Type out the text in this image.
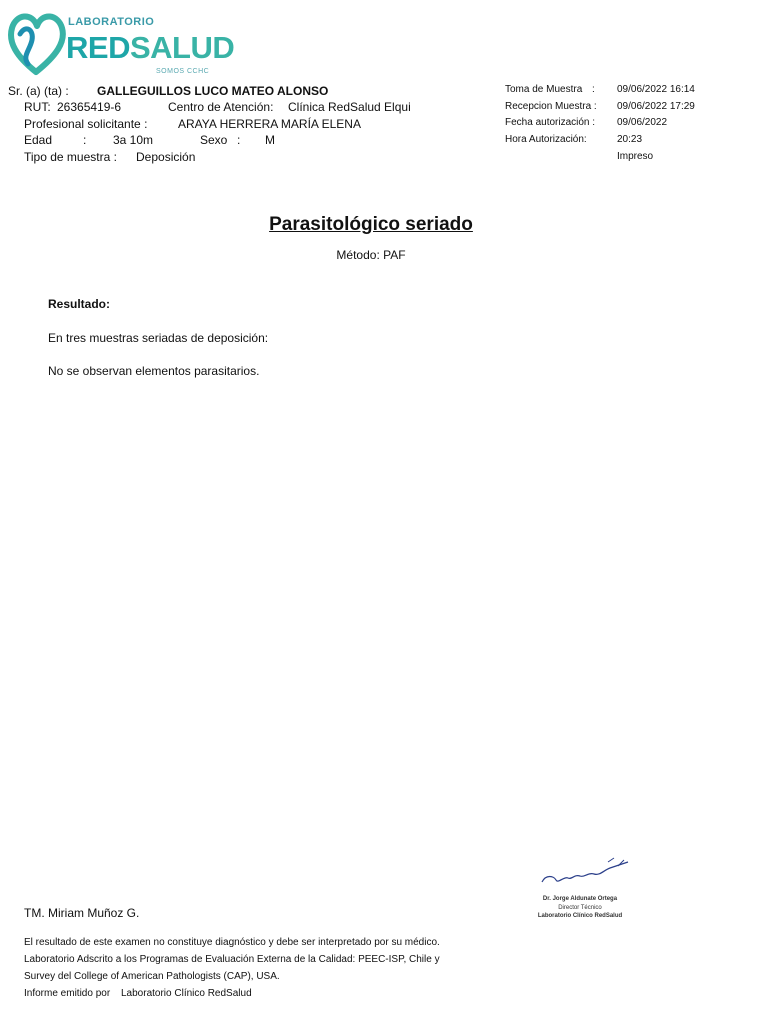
LABORATORIO
REDSALUD
SOMOS CCHC
Sr. (a) (ta) : GALLEGUILLOS LUCO MATEO ALONSO
RUT: 26365419-6	Centro de Atención: Clínica RedSalud Elqui
Profesional solicitante :	ARAYA HERRERA MARÍA ELENA
Edad	: 3a 10m	Sexo : M
Tipo de muestra : Deposición
Toma de Muestra : 09/06/2022 16:14
Recepcion Muestra : 09/06/2022 17:29
Fecha autorización : 09/06/2022
Hora Autorización:	20:23
Impreso
Parasitológico seriado
Método: PAF
Resultado:
En tres muestras seriadas de deposición:
No se observan elementos parasitarios.
Dr. Jorge Aldunate Ortega
Director Técnico
Laboratorio Clínico RedSalud
TM. Miriam Muñoz G.
El resultado de este examen no constituye diagnóstico y debe ser interpretado por su médico.
Laboratorio Adscrito a los Programas de Evaluación Externa de la Calidad: PEEC-ISP, Chile y
Survey del College of American Pathologists (CAP), USA.
Informe emitido por Laboratorio Clínico RedSalud
